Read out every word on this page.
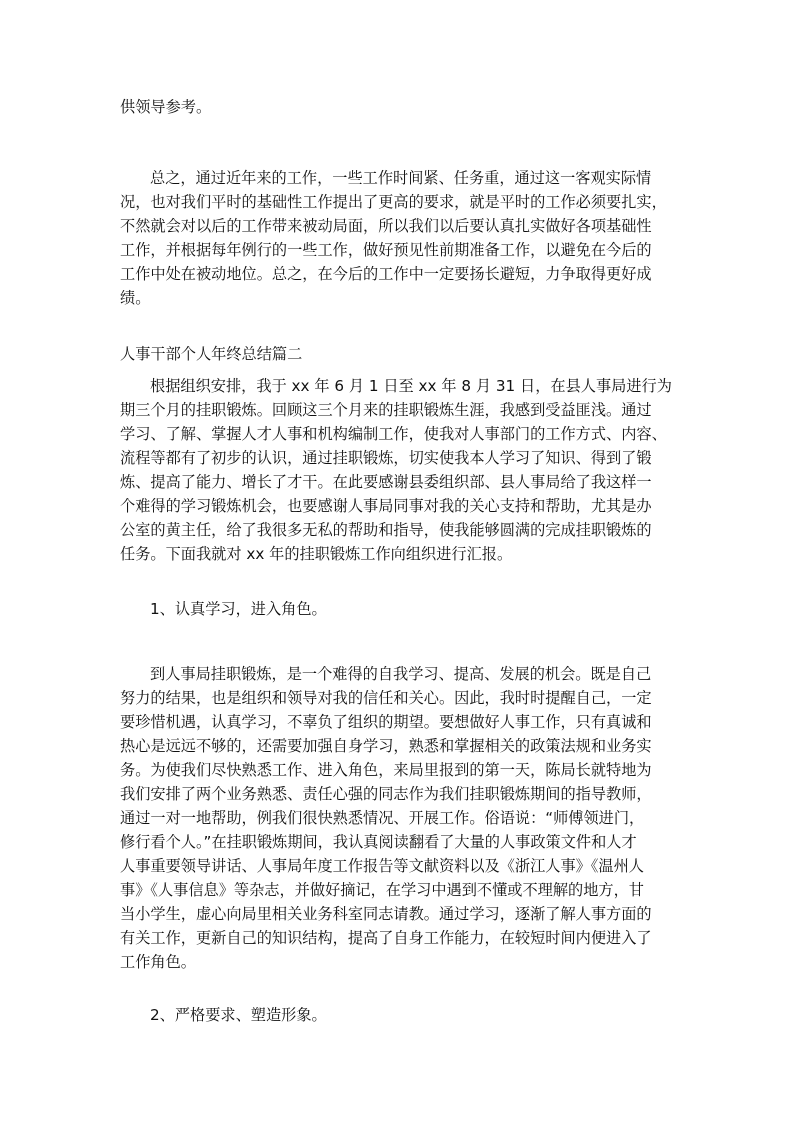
供领导参考。
总之，通过近年来的工作，一些工作时间紧、任务重，通过这一客观实际情
况，也对我们平时的基础性工作提出了更高的要求，就是平时的工作必须要扎实，
不然就会对以后的工作带来被动局面，所以我们以后要认真扎实做好各项基础性
工作，并根据每年例行的一些工作，做好预见性前期准备工作，以避免在今后的
工作中处在被动地位。总之，在今后的工作中一定要扬长避短，力争取得更好成
绩。
人事干部个人年终总结篇二
根据组织安排，我于 xx 年 6 月 1 日至 xx 年 8 月 31 日，在县人事局进行为
期三个月的挂职锻炼。回顾这三个月来的挂职锻炼生涯，我感到受益匪浅。通过
学习、了解、掌握人才人事和机构编制工作，使我对人事部门的工作方式、内容、
流程等都有了初步的认识，通过挂职锻炼，切实使我本人学习了知识、得到了锻
炼、提高了能力、增长了才干。在此要感谢县委组织部、县人事局给了我这样一
个难得的学习锻炼机会，也要感谢人事局同事对我的关心支持和帮助，尤其是办
公室的黄主任，给了我很多无私的帮助和指导，使我能够圆满的完成挂职锻炼的
任务。下面我就对 xx 年的挂职锻炼工作向组织进行汇报。
1、认真学习，进入角色。
到人事局挂职锻炼，是一个难得的自我学习、提高、发展的机会。既是自己
努力的结果，也是组织和领导对我的信任和关心。因此，我时时提醒自己，一定
要珍惜机遇，认真学习，不辜负了组织的期望。要想做好人事工作，只有真诚和
热心是远远不够的，还需要加强自身学习，熟悉和掌握相关的政策法规和业务实
务。为使我们尽快熟悉工作、进入角色，来局里报到的第一天，陈局长就特地为
我们安排了两个业务熟悉、责任心强的同志作为我们挂职锻炼期间的指导教师，
通过一对一地帮助，例我们很快熟悉情况、开展工作。俗语说：“师傅领进门，
修行看个人。”在挂职锻炼期间，我认真阅读翻看了大量的人事政策文件和人才
人事重要领导讲话、人事局年度工作报告等文献资料以及《浙江人事》《温州人
事》《人事信息》等杂志，并做好摘记，在学习中遇到不懂或不理解的地方，甘
当小学生，虚心向局里相关业务科室同志请教。通过学习，逐渐了解人事方面的
有关工作，更新自己的知识结构，提高了自身工作能力，在较短时间内便进入了
工作角色。
2、严格要求、塑造形象。
